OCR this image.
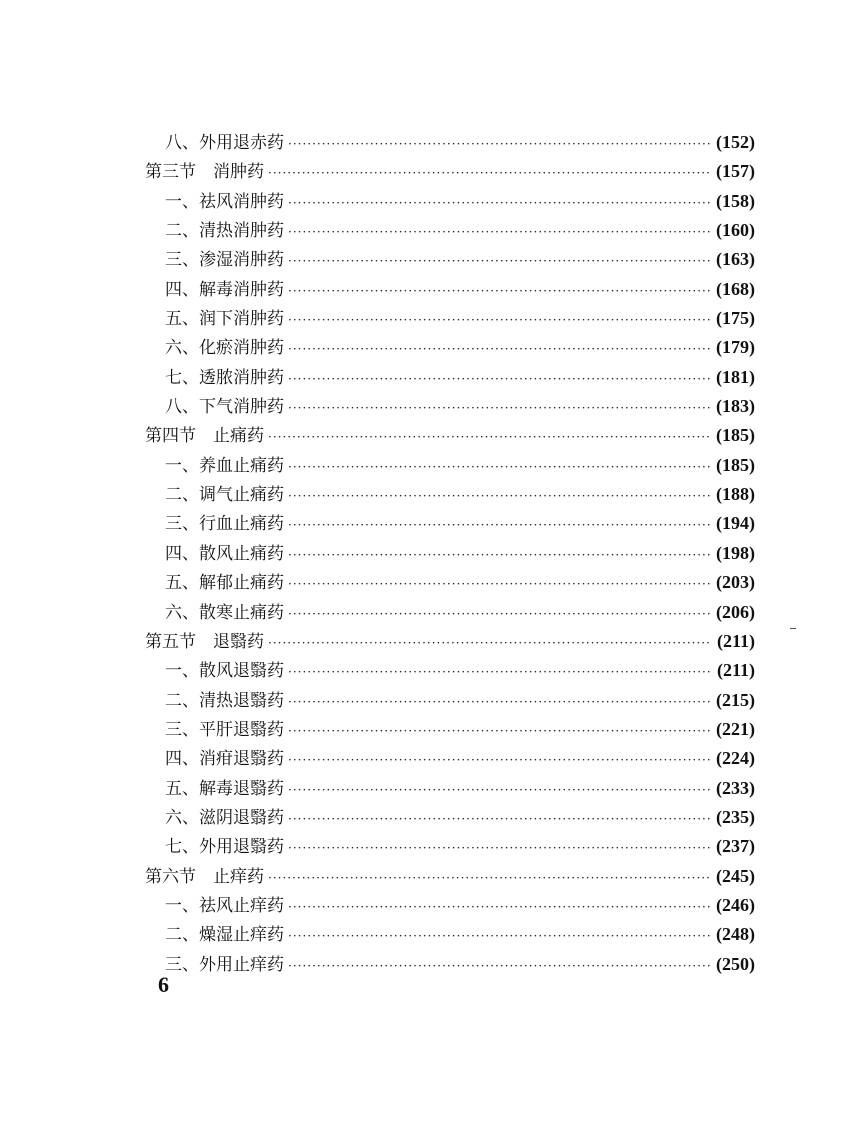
八、外用退赤药 ·····	(152)
第三节　消肿药 ·····	(157)
一、祛风消肿药 ·····	(158)
二、清热消肿药 ·····	(160)
三、渗湿消肿药 ·····	(163)
四、解毒消肿药 ·····	(168)
五、润下消肿药 ·····	(175)
六、化瘀消肿药 ·····	(179)
七、透脓消肿药 ·····	(181)
八、下气消肿药 ·····	(183)
第四节　止痛药 ·····	(185)
一、养血止痛药 ·····	(185)
二、调气止痛药 ·····	(188)
三、行血止痛药 ·····	(194)
四、散风止痛药 ·····	(198)
五、解郁止痛药 ·····	(203)
六、散寒止痛药 ·····	(206)
第五节　退翳药 ·····	(211)
一、散风退翳药 ·····	(211)
二、清热退翳药 ·····	(215)
三、平肝退翳药 ·····	(221)
四、消疳退翳药 ·····	(224)
五、解毒退翳药 ·····	(233)
六、滋阴退翳药 ·····	(235)
七、外用退翳药 ·····	(237)
第六节　止痒药 ·····	(245)
一、祛风止痒药 ·····	(246)
二、燥湿止痒药 ·····	(248)
三、外用止痒药 ·····	(250)
6
